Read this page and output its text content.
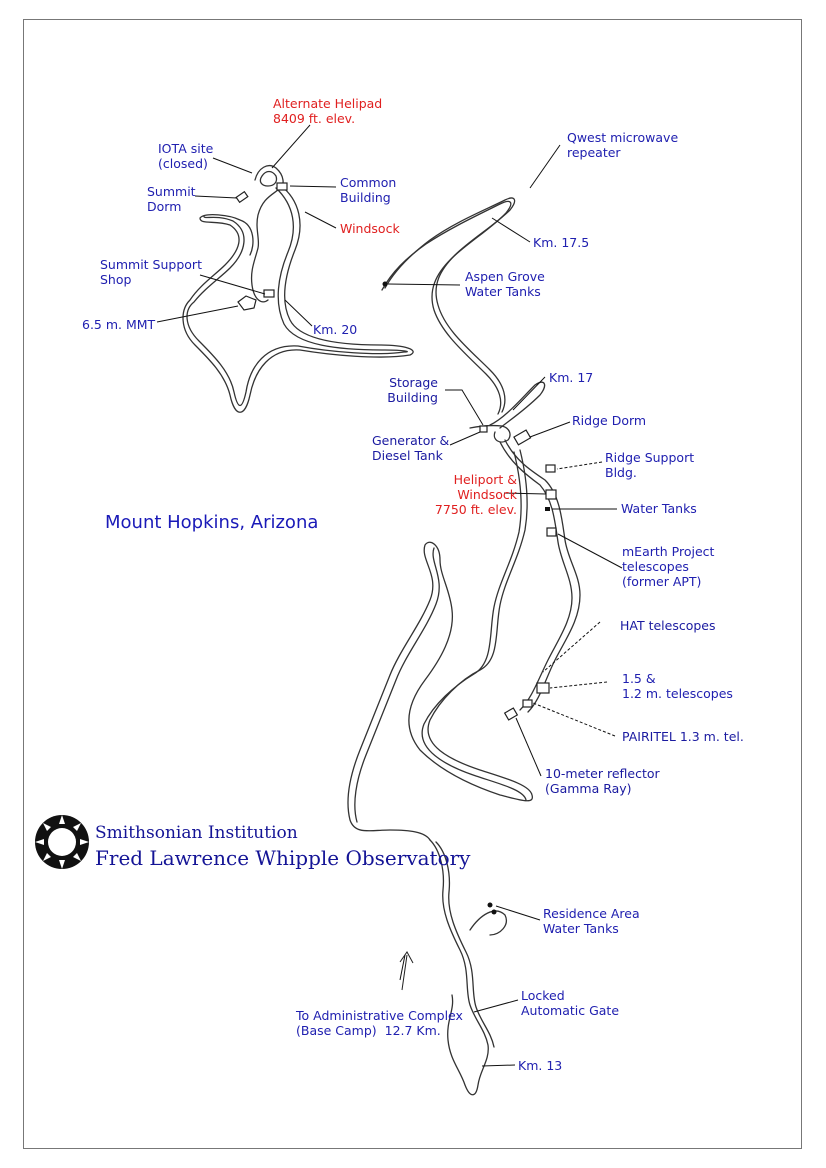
Alternate Helipad
8409 ft. elev.
IOTA site
(closed)
Summit
Dorm
Common
Building
Windsock
Summit Support
Shop
6.5 m. MMT	Km. 20
Qwest microwave
repeater
Km. 17.5
Aspen Grove
Water Tanks
Km. 17
Storage
Building
Generator &
Diesel Tank
Ridge Dorm
Ridge Support
Bldg.
Heliport &
Windsock
7750 ft. elev.	Water Tanks
Mount Hopkins, Arizona
mEarth Project
telescopes
(former APT)
HAT telescopes
1.5 &
1.2 m. telescopes
PAIRITEL 1.3 m. tel.
10-meter reflector
(Gamma Ray)
Smithsonian Institution
Fred Lawrence Whipple Observatory
Residence Area
Water Tanks
Locked
Automatic Gate
To Administrative Complex
(Base Camp)  12.7 Km.
Km. 13
